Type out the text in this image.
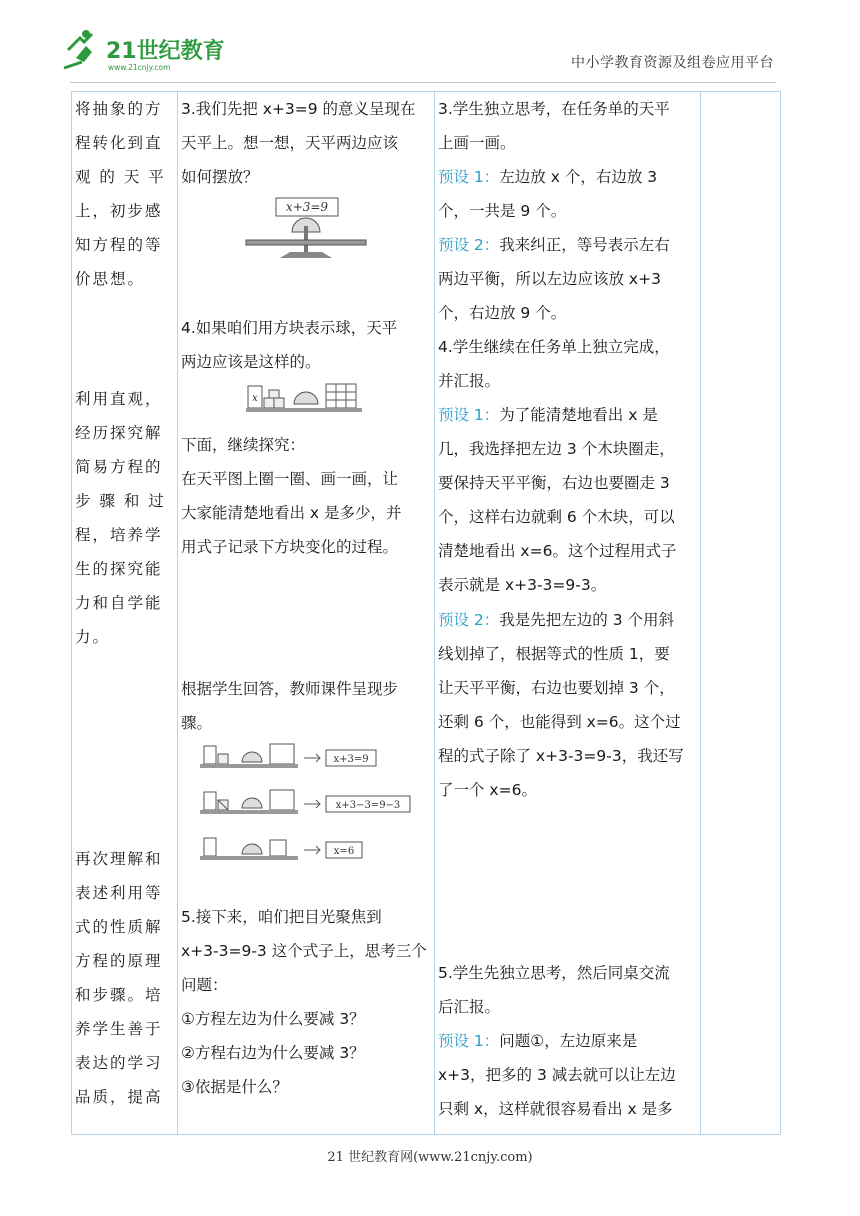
21世纪教育
www.21cnjy.com	中小学教育资源及组卷应用平台
将抽象的方
程转化到直
观 的 天 平
上，初步感
知方程的等
价思想。
利用直观，
经历探究解
简易方程的
步 骤 和 过
程，培养学
生的探究能
力和自学能
力。
再次理解和
表述利用等
式的性质解
方程的原理
和步骤。培
养学生善于
表达的学习
品质，提高

3.我们先把 x+3=9 的意义呈现在
天平上。想一想，天平两边应该
如何摆放？
x+3=9
4.如果咱们用方块表示球，天平
两边应该是这样的。
x
下面，继续探究：
在天平图上圈一圈、画一画，让
大家能清楚地看出 x 是多少，并
用式子记录下方块变化的过程。
根据学生回答，教师课件呈现步
骤。
x+3=9
x+3−3=9−3
x=6
5.接下来，咱们把目光聚焦到
x+3-3=9-3 这个式子上，思考三个
问题：
①方程左边为什么要减 3？
②方程右边为什么要减 3？
③依据是什么？

3.学生独立思考，在任务单的天平
上画一画。
预设 1：左边放 x 个，右边放 3
个，一共是 9 个。
预设 2：我来纠正，等号表示左右
两边平衡，所以左边应该放 x+3
个，右边放 9 个。
4.学生继续在任务单上独立完成，
并汇报。
预设 1：为了能清楚地看出 x 是
几，我选择把左边 3 个木块圈走，
要保持天平平衡，右边也要圈走 3
个，这样右边就剩 6 个木块，可以
清楚地看出 x=6。这个过程用式子
表示就是 x+3-3=9-3。
预设 2：我是先把左边的 3 个用斜
线划掉了，根据等式的性质 1，要
让天平平衡，右边也要划掉 3 个，
还剩 6 个，也能得到 x=6。这个过
程的式子除了 x+3-3=9-3，我还写
了一个 x=6。
5.学生先独立思考，然后同桌交流
后汇报。
预设 1：问题①，左边原来是
x+3，把多的 3 减去就可以让左边
只剩 x，这样就很容易看出 x 是多

21 世纪教育网(www.21cnjy.com)
